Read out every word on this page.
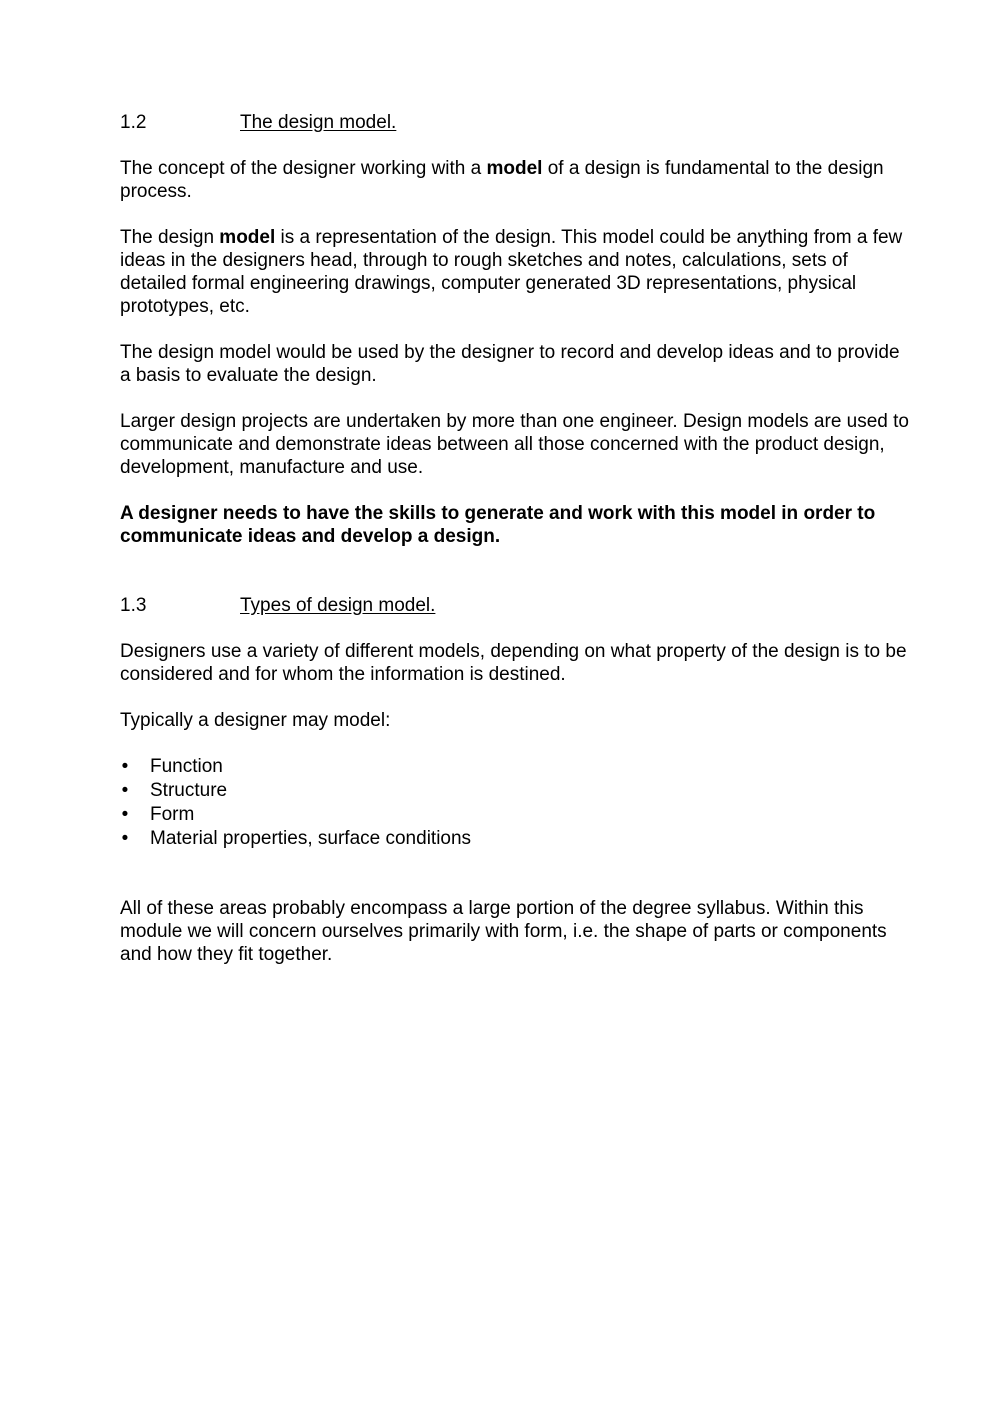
1.2	The design model.

The concept of the designer working with a model of a design is fundamental to the design process.

The design model is a representation of the design. This model could be anything from a few ideas in the designers head, through to rough sketches and notes, calculations, sets of detailed formal engineering drawings, computer generated 3D representations, physical prototypes, etc.

The design model would be used by the designer to record and develop ideas and to provide a basis to evaluate the design.

Larger design projects are undertaken by more than one engineer. Design models are used to communicate and demonstrate ideas between all those concerned with the product design, development, manufacture and use.

A designer needs to have the skills to generate and work with this model in order to communicate ideas and develop a design.

1.3	Types of design model.

Designers use a variety of different models, depending on what property of the design is to be considered and for whom the information is destined.

Typically a designer may model:

• Function
• Structure
• Form
• Material properties, surface conditions

All of these areas probably encompass a large portion of the degree syllabus. Within this module we will concern ourselves primarily with form, i.e. the shape of parts or components and how they fit together.
